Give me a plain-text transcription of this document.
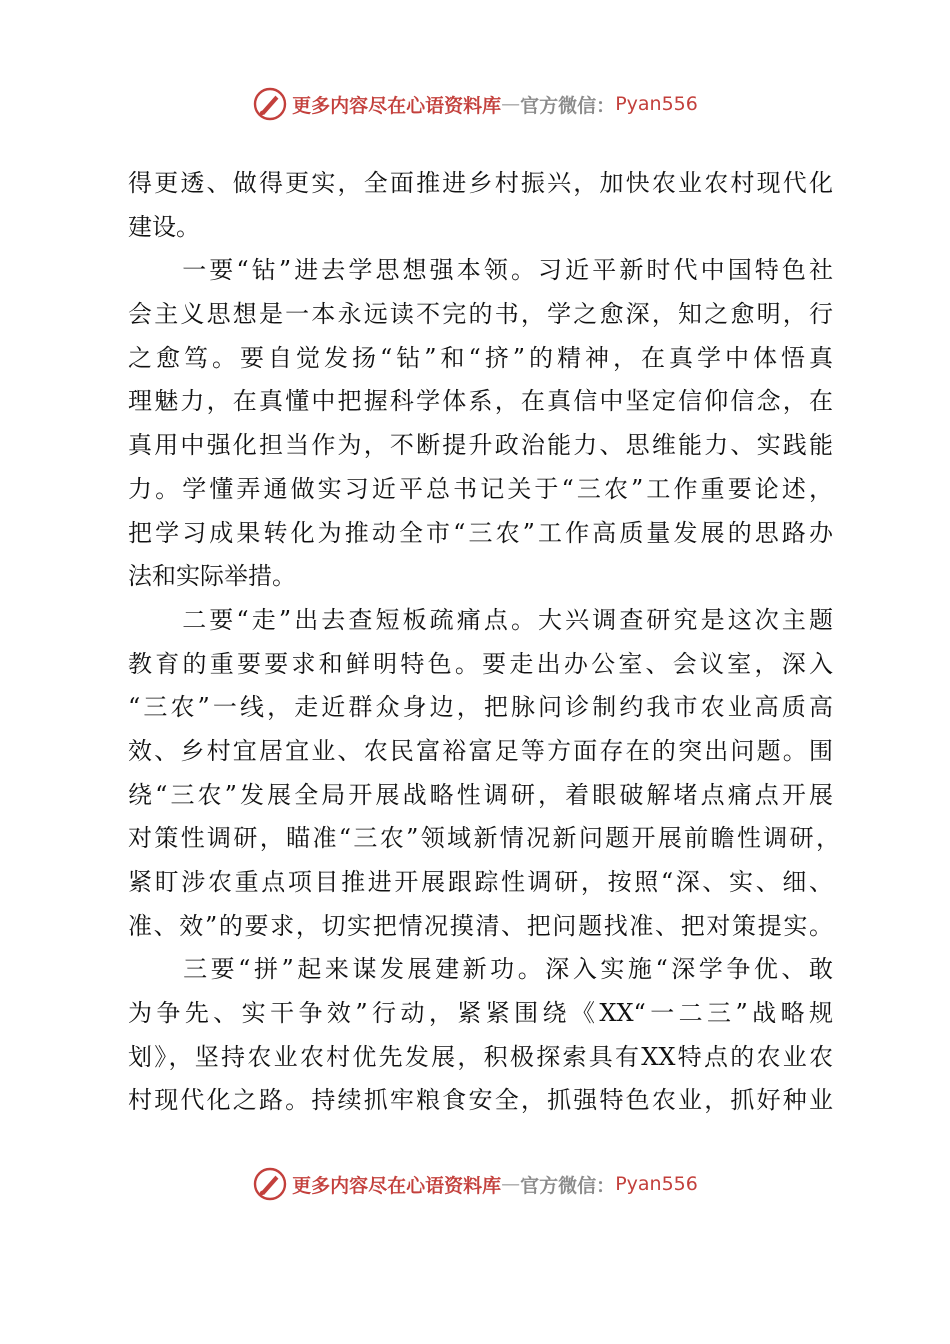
更多内容尽在心语资料库 — 官方微信： Pyan556
得更透、做得更实，全面推进乡村振兴，加快农业农村现代化
建设。
　　一要“钻”进去学思想强本领。习近平新时代中国特色社
会主义思想是一本永远读不完的书，学之愈深，知之愈明，行
之愈笃。要自觉发扬“钻”和“挤”的精神，在真学中体悟真
理魅力，在真懂中把握科学体系，在真信中坚定信仰信念，在
真用中强化担当作为，不断提升政治能力、思维能力、实践能
力。学懂弄通做实习近平总书记关于“三农”工作重要论述，
把学习成果转化为推动全市“三农”工作高质量发展的思路办
法和实际举措。
　　二要“走”出去查短板疏痛点。大兴调查研究是这次主题
教育的重要要求和鲜明特色。要走出办公室、会议室，深入
“三农”一线，走近群众身边，把脉问诊制约我市农业高质高
效、乡村宜居宜业、农民富裕富足等方面存在的突出问题。围
绕“三农”发展全局开展战略性调研，着眼破解堵点痛点开展
对策性调研，瞄准“三农”领域新情况新问题开展前瞻性调研，
紧盯涉农重点项目推进开展跟踪性调研，按照“深、实、细、
准、效”的要求，切实把情况摸清、把问题找准、把对策提实。
　　三要“拼”起来谋发展建新功。深入实施“深学争优、敢
为争先、实干争效”行动，紧紧围绕《XX“一二三”战略规
划》，坚持农业农村优先发展，积极探索具有XX特点的农业农
村现代化之路。持续抓牢粮食安全，抓强特色农业，抓好种业
更多内容尽在心语资料库 — 官方微信： Pyan556
